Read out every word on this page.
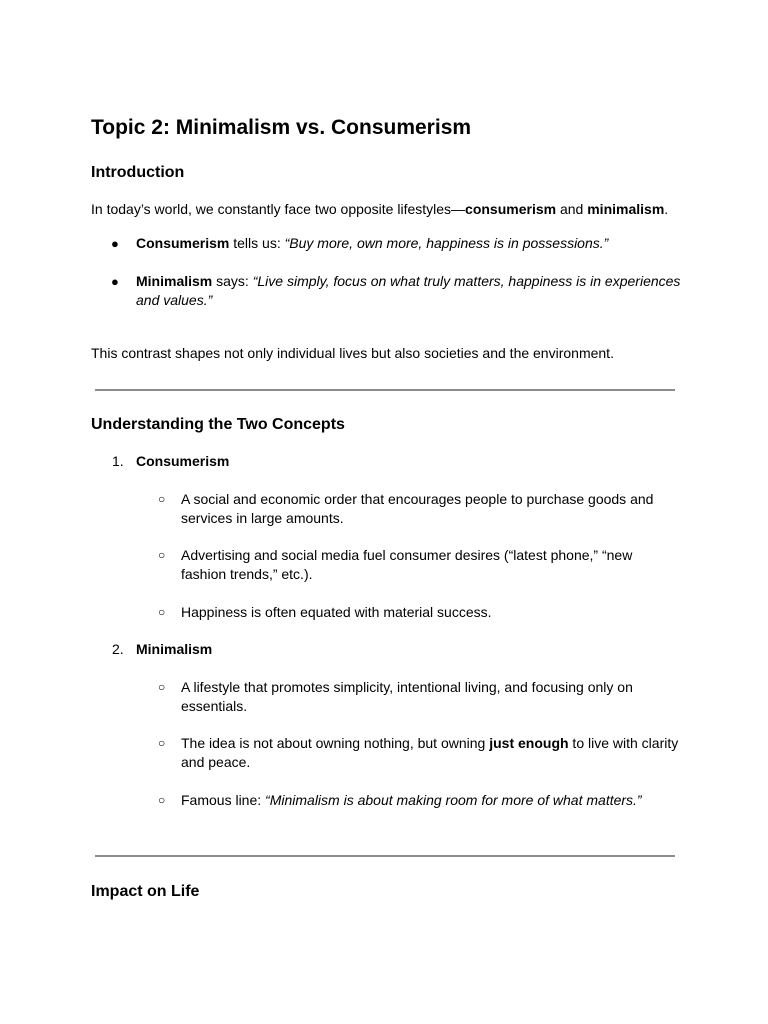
Topic 2: Minimalism vs. Consumerism
Introduction
In today’s world, we constantly face two opposite lifestyles—consumerism and minimalism.
● Consumerism tells us: “Buy more, own more, happiness is in possessions.”
● Minimalism says: “Live simply, focus on what truly matters, happiness is in experiences and values.”
This contrast shapes not only individual lives but also societies and the environment.
Understanding the Two Concepts
1. Consumerism
○ A social and economic order that encourages people to purchase goods and services in large amounts.
○ Advertising and social media fuel consumer desires (“latest phone,” “new fashion trends,” etc.).
○ Happiness is often equated with material success.
2. Minimalism
○ A lifestyle that promotes simplicity, intentional living, and focusing only on essentials.
○ The idea is not about owning nothing, but owning just enough to live with clarity and peace.
○ Famous line: “Minimalism is about making room for more of what matters.”
Impact on Life
